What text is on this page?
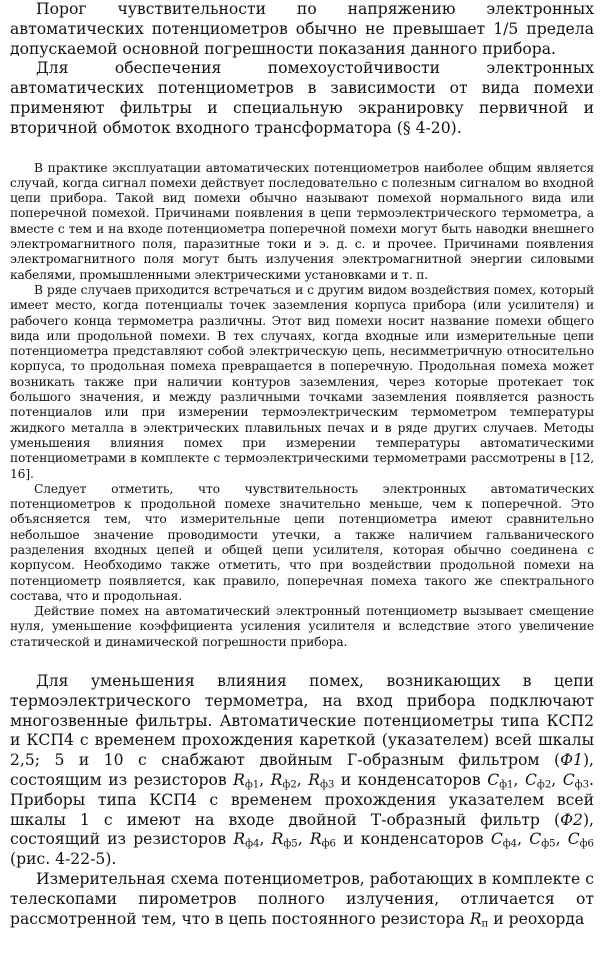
Порог чувствительности по напряжению электронных автоматических потенциометров обычно не превышает 1/5 предела допускаемой основной погрешности показания данного прибора.

Для обеспечения помехоустойчивости электронных автоматических потенциометров в зависимости от вида помехи применяют фильтры и специальную экранировку первичной и вторичной обмоток входного трансформатора (§ 4-20).

В практике эксплуатации автоматических потенциометров наиболее общим является случай, когда сигнал помехи действует последовательно с полезным сигналом во входной цепи прибора. Такой вид помехи обычно называют помехой нормального вида или поперечной помехой. Причинами появления в цепи термоэлектрического термометра, а вместе с тем и на входе потенциометра поперечной помехи могут быть наводки внешнего электромагнитного поля, паразитные токи и э. д. с. и прочее. Причинами появления электромагнитного поля могут быть излучения электромагнитной энергии силовыми кабелями, промышленными электрическими установками и т. п.

В ряде случаев приходится встречаться и с другим видом воздействия помех, который имеет место, когда потенциалы точек заземления корпуса прибора (или усилителя) и рабочего конца термометра различны. Этот вид помехи носит название помехи общего вида или продольной помехи. В тех случаях, когда входные или измерительные цепи потенциометра представляют собой электрическую цепь, несимметричную относительно корпуса, то продольная помеха превращается в поперечную. Продольная помеха может возникать также при наличии контуров заземления, через которые протекает ток большого значения, и между различными точками заземления появляется разность потенциалов или при измерении термоэлектрическим термометром температуры жидкого металла в электрических плавильных печах и в ряде других случаев. Методы уменьшения влияния помех при измерении температуры автоматическими потенциометрами в комплекте с термоэлектрическими термометрами рассмотрены в [12, 16].

Следует отметить, что чувствительность электронных автоматических потенциометров к продольной помехе значительно меньше, чем к поперечной. Это объясняется тем, что измерительные цепи потенциометра имеют сравнительно небольшое значение проводимости утечки, а также наличием гальванического разделения входных цепей и общей цепи усилителя, которая обычно соединена с корпусом. Необходимо также отметить, что при воздействии продольной помехи на потенциометр появляется, как правило, поперечная помеха такого же спектрального состава, что и продольная.

Действие помех на автоматический электронный потенциометр вызывает смещение нуля, уменьшение коэффициента усиления усилителя и вследствие этого увеличение статической и динамической погрешности прибора.

Для уменьшения влияния помех, возникающих в цепи термоэлектрического термометра, на вход прибора подключают многозвенные фильтры. Автоматические потенциометры типа КСП2 и КСП4 с временем прохождения кареткой (указателем) всей шкалы 2,5; 5 и 10 с снабжают двойным Г-образным фильтром (Ф1), состоящим из резисторов $R_{ф1}$, $R_{ф2}$, $R_{ф3}$ и конденсаторов $C_{ф1}$, $C_{ф2}$, $C_{ф3}$. Приборы типа КСП4 с временем прохождения указателем всей шкалы 1 с имеют на входе двойной Т-образный фильтр (Ф2), состоящий из резисторов $R_{ф4}$, $R_{ф5}$, $R_{ф6}$ и конденсаторов $C_{ф4}$, $C_{ф5}$, $C_{ф6}$ (рис. 4-22-5).

Измерительная схема потенциометров, работающих в комплекте с телескопами пирометров полного излучения, отличается от рассмотренной тем, что в цепь постоянного резистора $R_п$ и реохорда
